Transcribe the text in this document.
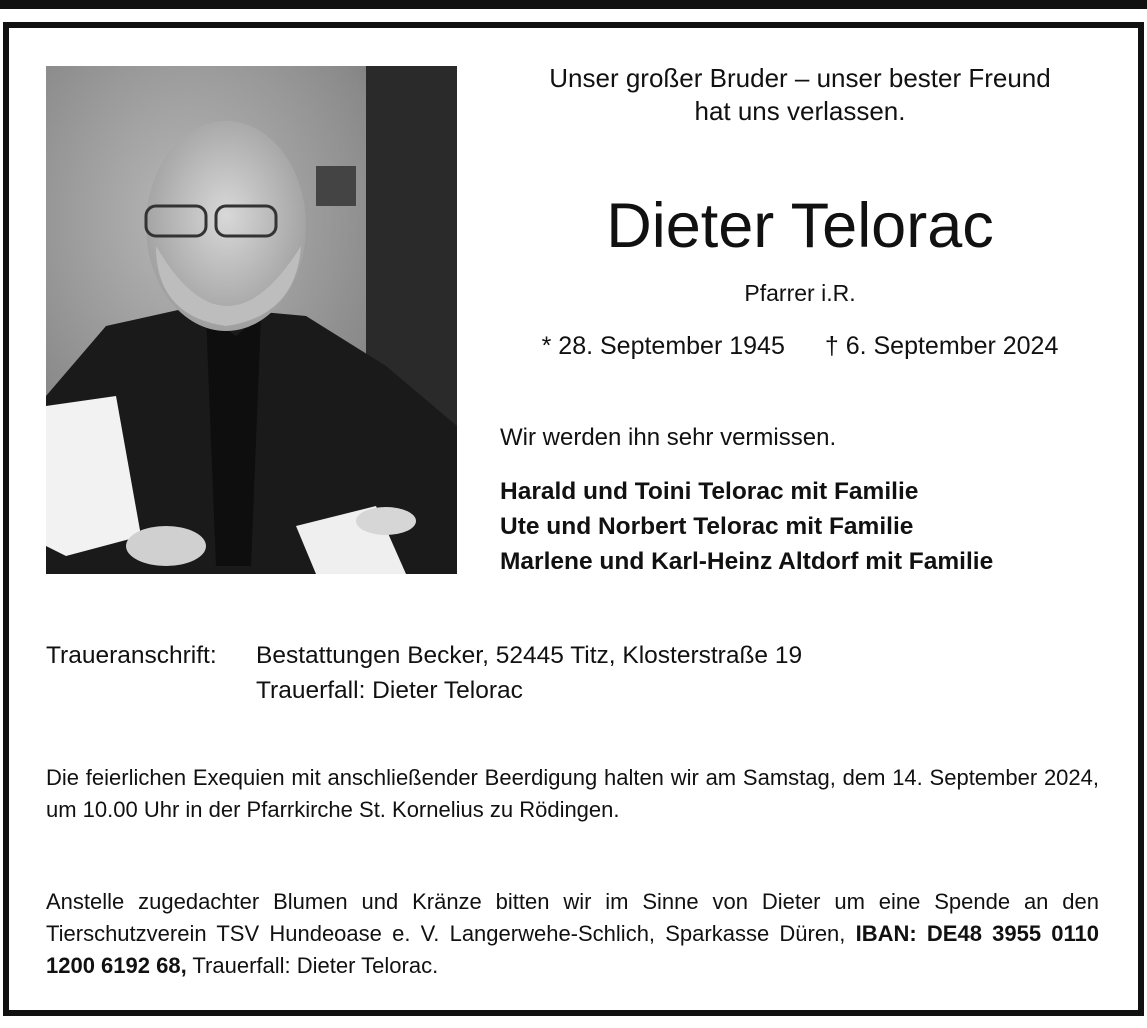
Unser großer Bruder – unser bester Freund
hat uns verlassen.
Dieter Telorac
Pfarrer i.R.
* 28. September 1945 † 6. September 2024
Wir werden ihn sehr vermissen.
Harald und Toini Telorac mit Familie
Ute und Norbert Telorac mit Familie
Marlene und Karl-Heinz Altdorf mit Familie
Traueranschrift: Bestattungen Becker, 52445 Titz, Klosterstraße 19
Trauerfall: Dieter Telorac
Die feierlichen Exequien mit anschließender Beerdigung halten wir am Samstag, dem 14. September 2024, um 10.00 Uhr in der Pfarrkirche St. Kornelius zu Rödingen.
Anstelle zugedachter Blumen und Kränze bitten wir im Sinne von Dieter um eine Spende an den Tierschutzverein TSV Hundeoase e. V. Langerwehe-Schlich, Sparkasse Düren, IBAN: DE48 3955 0110 1200 6192 68, Trauerfall: Dieter Telorac.
